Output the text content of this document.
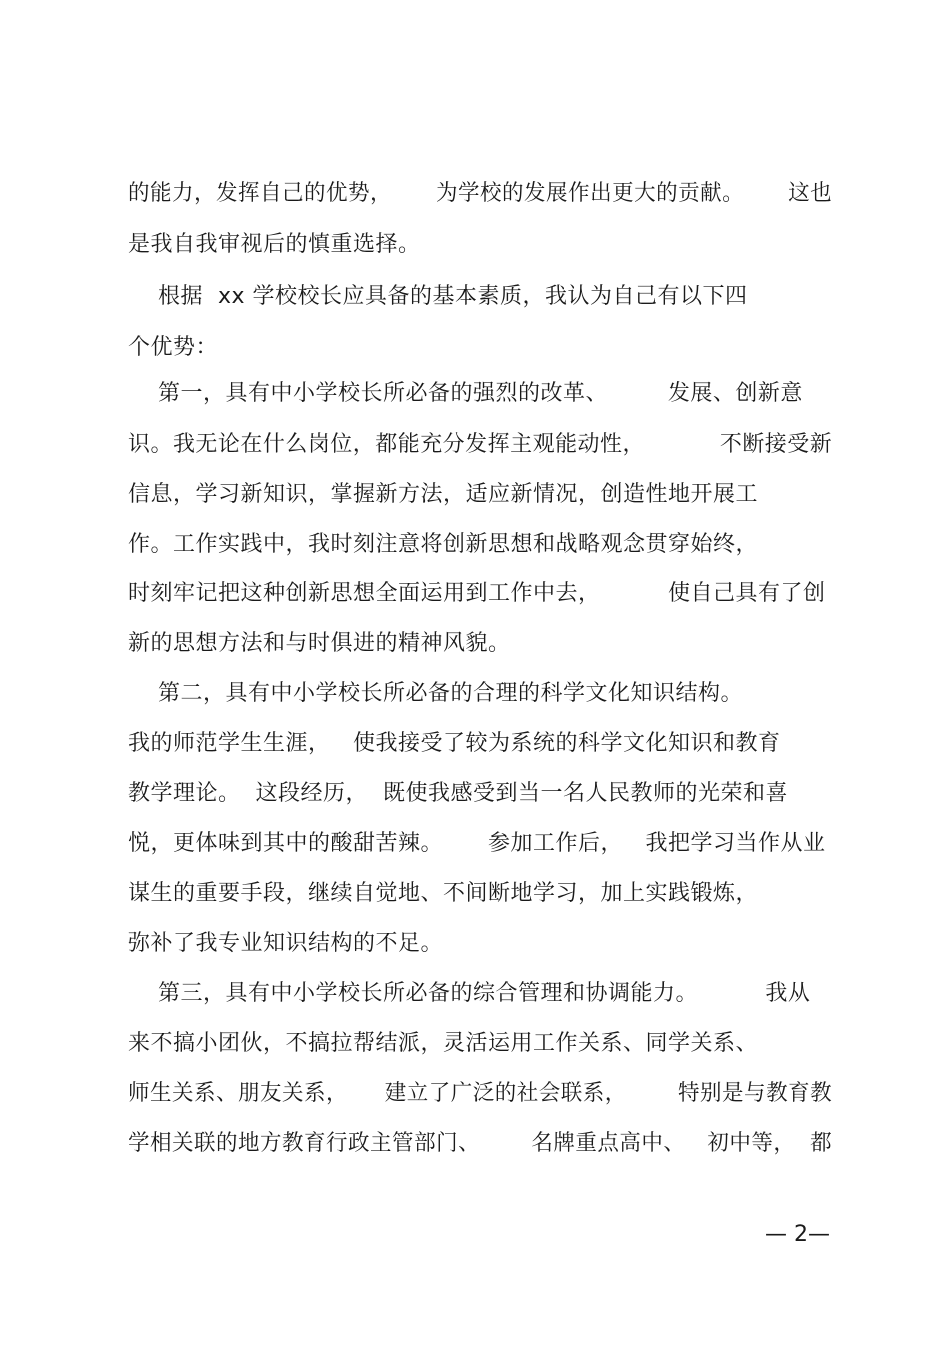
的能力，发挥自己的优势，      为学校的发展作出更大的贡献。      这也
是我自我审视后的慎重选择。
根据  xx 学校校长应具备的基本素质，我认为自己有以下四
个优势：
第一，具有中小学校长所必备的强烈的改革、        发展、创新意
识。我无论在什么岗位，都能充分发挥主观能动性，          不断接受新
信息，学习新知识，掌握新方法，适应新情况，创造性地开展工
作。工作实践中，我时刻注意将创新思想和战略观念贯穿始终，
时刻牢记把这种创新思想全面运用到工作中去，         使自己具有了创
新的思想方法和与时俱进的精神风貌。
第二，具有中小学校长所必备的合理的科学文化知识结构。
我的师范学生生涯，   使我接受了较为系统的科学文化知识和教育
教学理论。  这段经历，  既使我感受到当一名人民教师的光荣和喜
悦，更体味到其中的酸甜苦辣。      参加工作后，   我把学习当作从业
谋生的重要手段，继续自觉地、不间断地学习，加上实践锻炼，
弥补了我专业知识结构的不足。
第三，具有中小学校长所必备的综合管理和协调能力。         我从
来不搞小团伙，不搞拉帮结派，灵活运用工作关系、同学关系、
师生关系、朋友关系，     建立了广泛的社会联系，       特别是与教育教
学相关联的地方教育行政主管部门、       名牌重点高中、   初中等，  都
— 2—
